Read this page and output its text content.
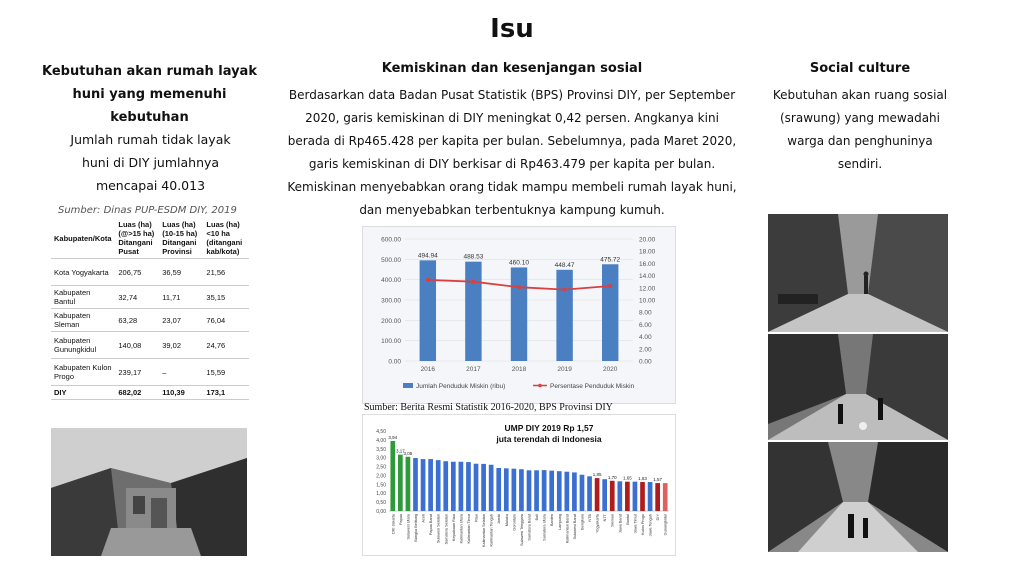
Isu
Kebutuhan akan rumah layak huni yang memenuhi kebutuhan
Jumlah rumah tidak layak huni di DIY jumlahnya mencapai 40.013
Sumber: Dinas PUP-ESDM DIY, 2019
Kabupaten/Kota	Luas (ha) (@>15 ha) Ditangani Pusat	Luas (ha) (10-15 ha) Ditangani Provinsi	Luas (ha) <10 ha (ditangani kab/kota)
Kota Yogyakarta	206,75	36,59	21,56
Kabupaten Bantul	32,74	11,71	35,15
Kabupaten Sleman	63,28	23,07	76,04
Kabupaten Gunungkidul	140,08	39,02	24,76
Kabupaten Kulon Progo	239,17	–	15,59
DIY	682,02	110,39	173,1
Kemiskinan dan kesenjangan sosial
Berdasarkan data Badan Pusat Statistik (BPS) Provinsi DIY, per September 2020, garis kemiskinan di DIY meningkat 0,42 persen. Angkanya kini berada di Rp465.428 per kapita per bulan. Sebelumnya, pada Maret 2020, garis kemiskinan di DIY berkisar di Rp463.479 per kapita per bulan. Kemiskinan menyebabkan orang tidak mampu membeli rumah layak huni, dan menyebabkan terbentuknya kampung kumuh.
0.00
100.00
200.00
300.00
400.00
500.00
600.00
0.00
2.00
4.00
6.00
8.00
10.00
12.00
14.00
16.00
18.00
20.00
494.94
2016
488.53
2017
460.10
2018
448.47
2019
475.72
2020
Jumlah Penduduk Miskin (ribu)	Persentase Penduduk Miskin
Sumber: Berita Resmi Statistik 2016-2020, BPS Provinsi DIY
0,00
0,50
1,00
1,50
2,00
2,50
3,00
3,50
4,00
4,50
DKI Jakarta Papua Sulawesi Utara Bangka Belitung Aceh Papua Barat Sulawesi Selatan Sumatera Selatan Kepulauan Riau Kalimantan Utara Kalimantan Timur Riau Kalimantan Selatan Kalimantan Tengah Jambi Maluku Gorontalo Sulawesi Tenggara Sumatera Barat Bali Sumatera Utara Banten Lampung Kalimantan Barat Sulawesi Barat Bengkulu NTB Yogyakarta NTT Sleman Jawa Barat Bantul Jawa Timur Kulon Progo Jawa Tengah DIY Gunungkidul
3,94
3,17
3,05
1,85
1,70 1,65 1,63 1,57
UMP DIY 2019 Rp 1,57
juta terendah di Indonesia
Social culture
Kebutuhan akan ruang sosial (srawung) yang mewadahi warga dan penghuninya sendiri.
